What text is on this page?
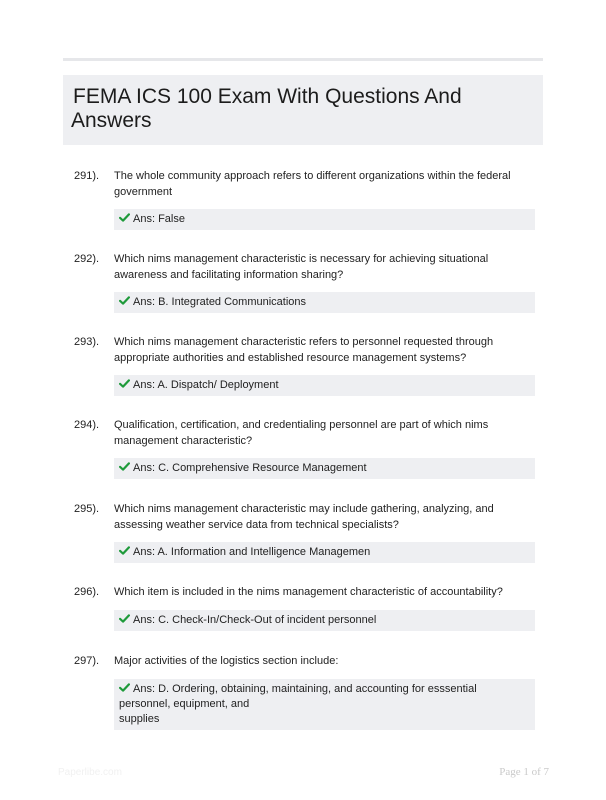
FEMA ICS 100 Exam With Questions And Answers
291). The whole community approach refers to different organizations within the federal government
Ans: False
292). Which nims management characteristic is necessary for achieving situational awareness and facilitating information sharing?
Ans: B. Integrated Communications
293). Which nims management characteristic refers to personnel requested through appropriate authorities and established resource management systems?
Ans: A. Dispatch/ Deployment
294). Qualification, certification, and credentialing personnel are part of which nims management characteristic?
Ans: C. Comprehensive Resource Management
295). Which nims management characteristic may include gathering, analyzing, and assessing weather service data from technical specialists?
Ans: A. Information and Intelligence Managemen
296). Which item is included in the nims management characteristic of accountability?
Ans: C. Check-In/Check-Out of incident personnel
297). Major activities of the logistics section include:
Ans: D. Ordering, obtaining, maintaining, and accounting for esssential personnel, equipment, and
supplies
Paperlibe.com	Page 1 of 7
